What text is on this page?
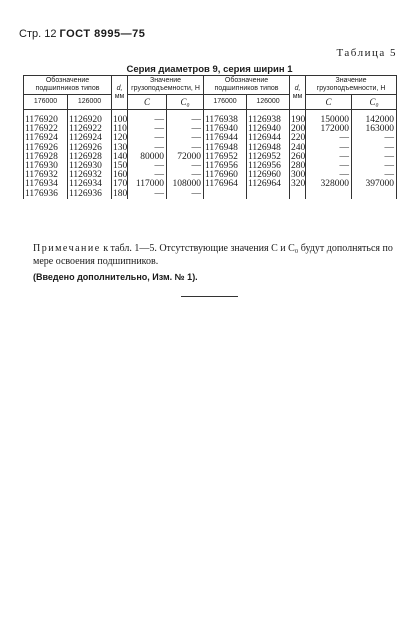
Стр. 12 ГОСТ 8995—75
Таблица 5
Серия диаметров 9, серия ширин 1
Обозначение подшипников типов		d,
мм	Значение грузоподъемности, Н		Обозначение подшипников типов		d,
мм	Значение грузоподъемности, Н	
176000	126000		C	C₀	176000	126000		C	C₀
1176920	1126920	100	—	—	1176938	1126938	190	150000	142000
1176922	1126922	110	—	—	1176940	1126940	200	172000	163000
1176924	1126924	120	—	—	1176944	1126944	220	—	—
1176926	1126926	130	—	—	1176948	1126948	240	—	—
1176928	1126928	140	80000	72000	1176952	1126952	260	—	—
1176930	1126930	150	—	—	1176956	1126956	280	—	—
1176932	1126932	160	—	—	1176960	1126960	300	—	—
1176934	1126934	170	117000	108000	1176964	1126964	320	328000	397000
1176936	1126936	180	—	—					

Примечание к табл. 1—5. Отсутствующие значения C и C₀ будут дополняться по мере освоения подшипников.
(Введено дополнительно, Изм. № 1).
